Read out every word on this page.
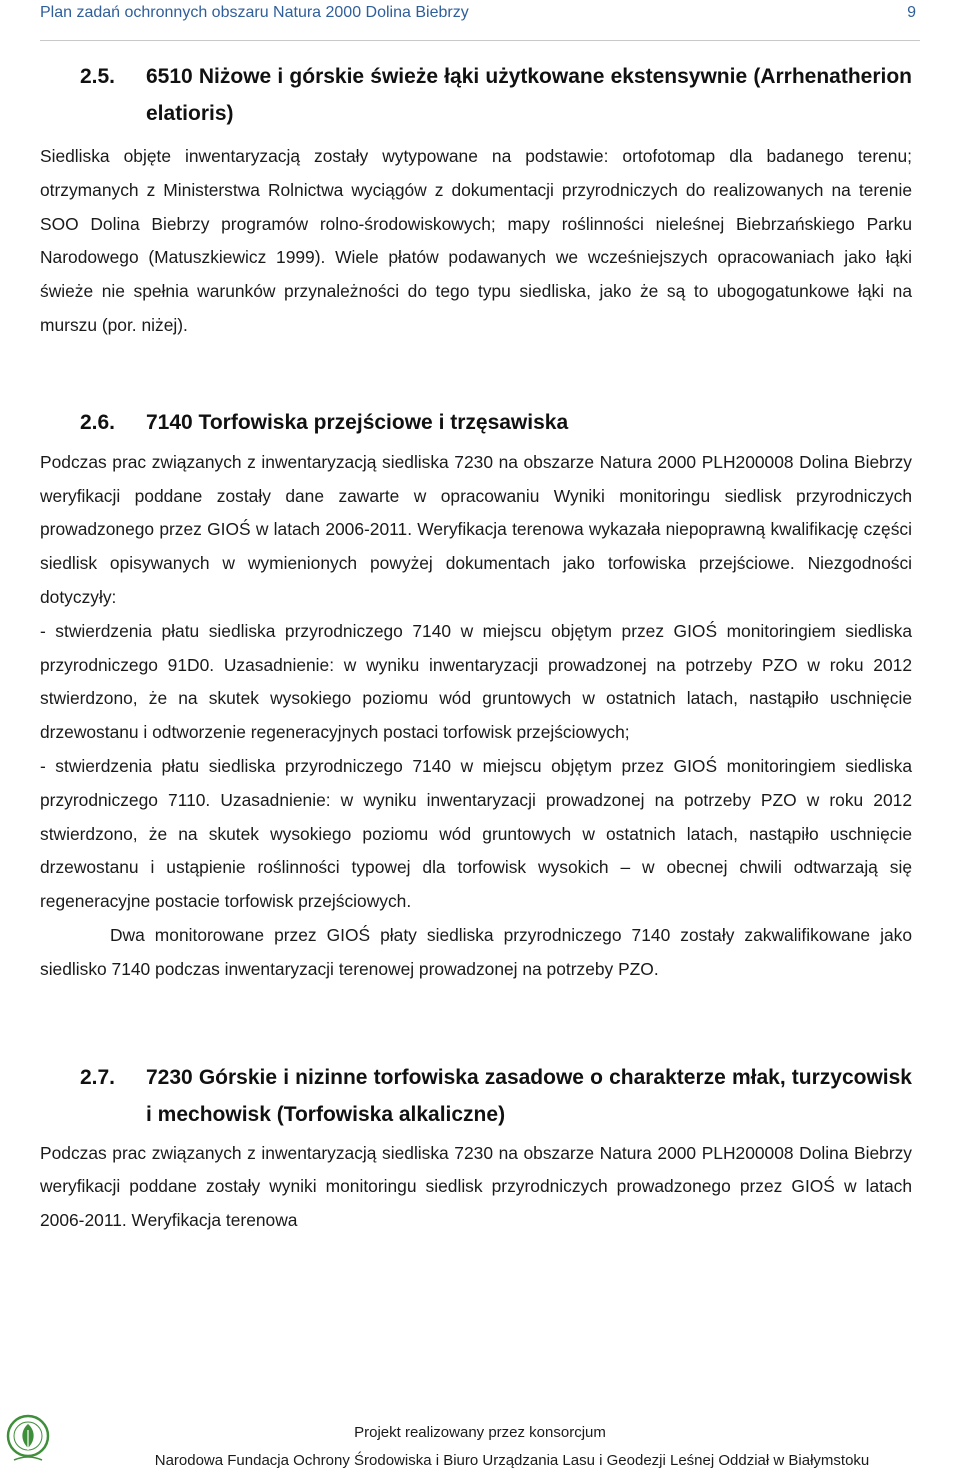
Plan zadań ochronnych obszaru Natura 2000 Dolina Biebrzy	9
2.5.	6510 Niżowe i górskie świeże łąki użytkowane ekstensywnie (Arrhenatherion elatioris)

Siedliska objęte inwentaryzacją zostały wytypowane na podstawie: ortofotomap dla badanego terenu; otrzymanych z Ministerstwa Rolnictwa wyciągów z dokumentacji przyrodniczych do realizowanych na terenie SOO Dolina Biebrzy programów rolno-środowiskowych; mapy roślinności nieleśnej Biebrzańskiego Parku Narodowego (Matuszkiewicz 1999). Wiele płatów podawanych we wcześniejszych opracowaniach jako łąki świeże nie spełnia warunków przynależności do tego typu siedliska, jako że są to ubogogatunkowe łąki na murszu (por. niżej).

2.6.	7140 Torfowiska przejściowe i trzęsawiska

Podczas prac związanych z inwentaryzacją siedliska 7230 na obszarze Natura 2000 PLH200008 Dolina Biebrzy weryfikacji poddane zostały dane zawarte w opracowaniu Wyniki monitoringu siedlisk przyrodniczych prowadzonego przez GIOŚ w latach 2006-2011. Weryfikacja terenowa wykazała niepoprawną kwalifikację części siedlisk opisywanych w wymienionych powyżej dokumentach jako torfowiska przejściowe. Niezgodności dotyczyły:

- stwierdzenia płatu siedliska przyrodniczego 7140 w miejscu objętym przez GIOŚ monitoringiem siedliska przyrodniczego 91D0. Uzasadnienie: w wyniku inwentaryzacji prowadzonej na potrzeby PZO w roku 2012 stwierdzono, że na skutek wysokiego poziomu wód gruntowych w ostatnich latach, nastąpiło uschnięcie drzewostanu i odtworzenie regeneracyjnych postaci torfowisk przejściowych;

- stwierdzenia płatu siedliska przyrodniczego 7140 w miejscu objętym przez GIOŚ monitoringiem siedliska przyrodniczego 7110. Uzasadnienie: w wyniku inwentaryzacji prowadzonej na potrzeby PZO w roku 2012 stwierdzono, że na skutek wysokiego poziomu wód gruntowych w ostatnich latach, nastąpiło uschnięcie drzewostanu i ustąpienie roślinności typowej dla torfowisk wysokich – w obecnej chwili odtwarzają się regeneracyjne postacie torfowisk przejściowych.

Dwa monitorowane przez GIOŚ płaty siedliska przyrodniczego 7140 zostały zakwalifikowane jako siedlisko 7140 podczas inwentaryzacji terenowej prowadzonej na potrzeby PZO.

2.7.	7230 Górskie i nizinne torfowiska zasadowe o charakterze młak, turzycowisk i mechowisk (Torfowiska alkaliczne)

Podczas prac związanych z inwentaryzacją siedliska 7230 na obszarze Natura 2000 PLH200008 Dolina Biebrzy weryfikacji poddane zostały wyniki monitoringu siedlisk przyrodniczych prowadzonego przez GIOŚ w latach 2006-2011. Weryfikacja terenowa

Projekt realizowany przez konsorcjum
Narodowa Fundacja Ochrony Środowiska i Biuro Urządzania Lasu i Geodezji Leśnej Oddział w Białymstoku
